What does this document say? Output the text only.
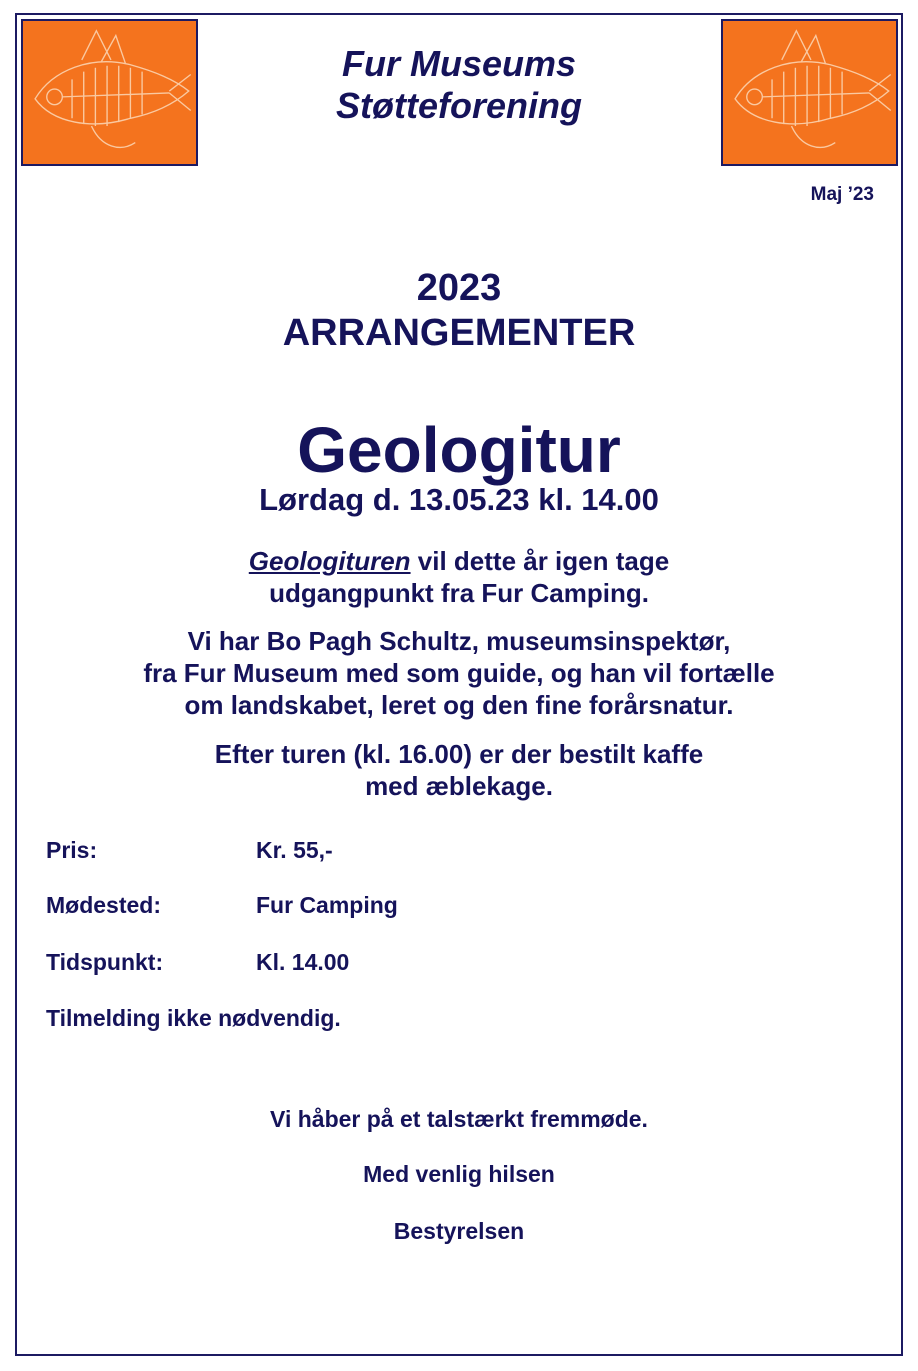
Fur Museums
Støtteforening
Maj ’23
2023
ARRANGEMENTER
Geologitur
Lørdag d. 13.05.23 kl. 14.00
Geologituren vil dette år igen tage
udgangpunkt fra Fur Camping.
Vi har Bo Pagh Schultz, museumsinspektør,
fra Fur Museum med som guide, og han vil fortælle
om landskabet, leret og den fine forårsnatur.
Efter turen (kl. 16.00) er der bestilt kaffe
med æblekage.
Pris:	Kr. 55,-
Mødested:	Fur Camping
Tidspunkt:	Kl. 14.00
Tilmelding ikke nødvendig.
Vi håber på et talstærkt fremmøde.
Med venlig hilsen
Bestyrelsen
